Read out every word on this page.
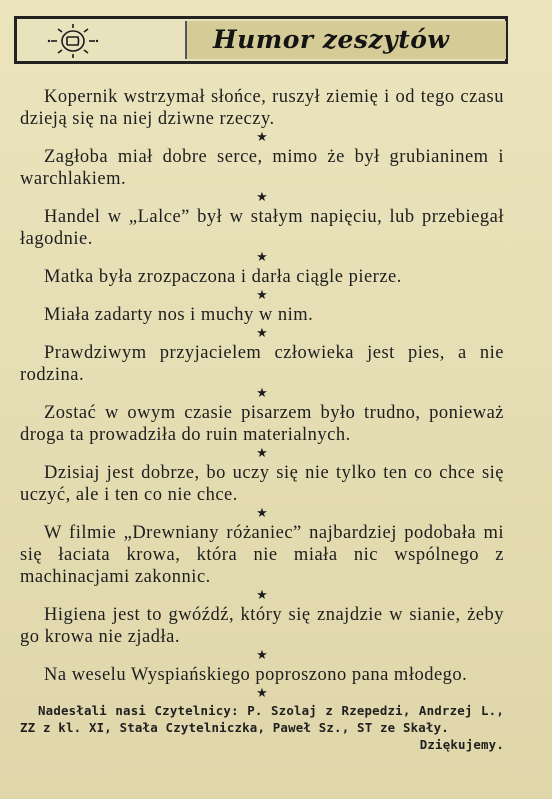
Humor zeszytów

Kopernik wstrzymał słońce, ruszył ziemię i od tego czasu dzieją się na niej dziwne rzeczy.

★

Zagłoba miał dobre serce, mimo że był grubianinem i warchlakiem.

★

Handel w „Lalce” był w stałym napięciu, lub przebiegał łagodnie.

★

Matka była zrozpaczona i darła ciągle pierze.

★

Miała zadarty nos i muchy w nim.

★

Prawdziwym przyjacielem człowieka jest pies, a nie rodzina.

★

Zostać w owym czasie pisarzem było trudno, ponieważ droga ta prowadziła do ruin materialnych.

★

Dzisiaj jest dobrze, bo uczy się nie tylko ten co chce się uczyć, ale i ten co nie chce.

★

W filmie „Drewniany różaniec” najbardziej podobała mi się łaciata krowa, która nie miała nic wspólnego z machinacjami zakonnic.

★

Higiena jest to gwóźdź, który się znajdzie w sianie, żeby go krowa nie zjadła.

★

Na weselu Wyspiańskiego poproszono pana młodego.

★

Nadesłali nasi Czytelnicy: P. Szolaj z Rzepedzi, Andrzej L., ZZ z kl. XI, Stała Czytelniczka, Paweł Sz., ST ze Skały.
Dziękujemy.
